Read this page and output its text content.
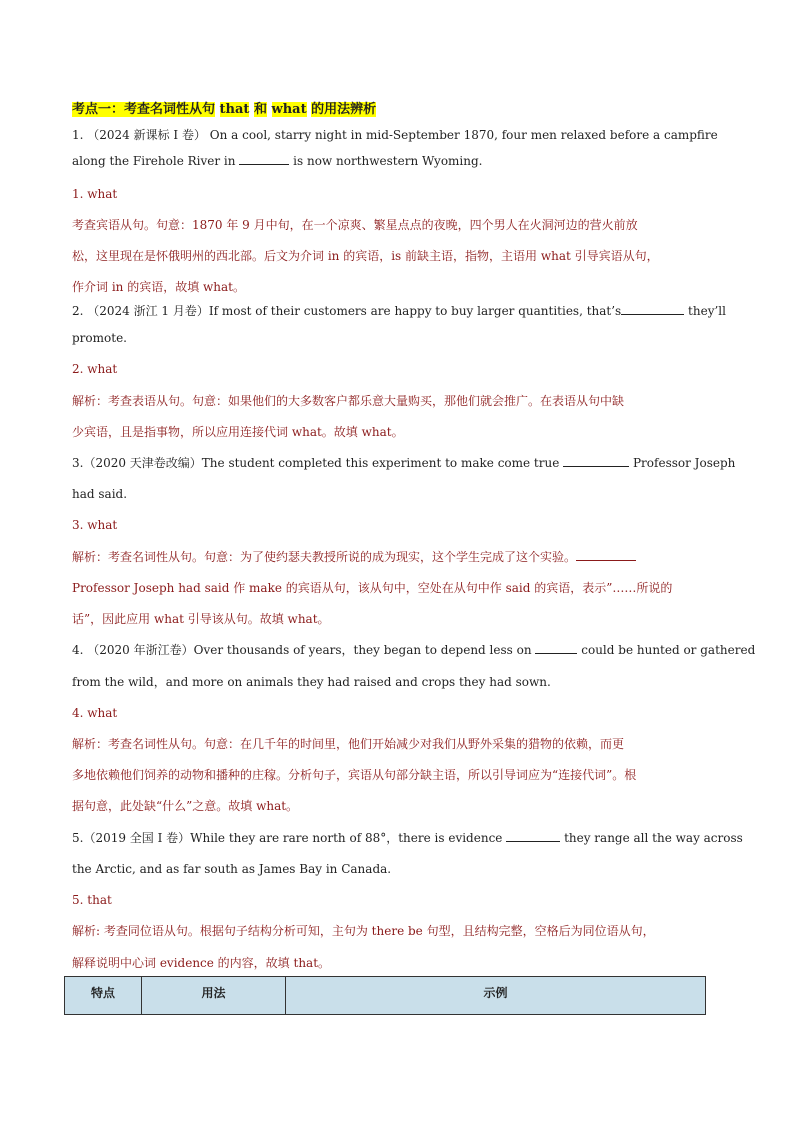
考点一：考查名词性从句 that 和 what 的用法辨析
1. （2024 新课标 I 卷） On a cool, starry night in mid-September 1870, four men relaxed before a campfire
along the Firehole River in	is now northwestern Wyoming.
1. what
考查宾语从句。句意：1870 年 9 月中旬，在一个凉爽、繁星点点的夜晚，四个男人在火洞河边的营火前放
松，这里现在是怀俄明州的西北部。后文为介词 in 的宾语，is 前缺主语，指物，主语用 what 引导宾语从句，
作介词 in 的宾语，故填 what。
2. （2024 浙江 1 月卷）If most of their customers are happy to buy larger quantities, that’s	they’ll
promote.
2. what
解析：考查表语从句。句意：如果他们的大多数客户都乐意大量购买，那他们就会推广。在表语从句中缺
少宾语，且是指事物，所以应用连接代词 what。故填 what。
3.（2020 天津卷改编）The student completed this experiment to make come true	Professor Joseph
had said.
3. what
解析：考查名词性从句。句意：为了使约瑟夫教授所说的成为现实，这个学生完成了这个实验。
Professor Joseph had said 作 make 的宾语从句，该从句中，空处在从句中作 said 的宾语，表示”……所说的
话”，因此应用 what 引导该从句。故填 what。
4. （2020 年浙江卷）Over thousands of years，they began to depend less on	could be hunted or gathered
from the wild，and more on animals they had raised and crops they had sown.
4. what
解析：考查名词性从句。句意：在几千年的时间里，他们开始减少对我们从野外采集的猎物的依赖，而更
多地依赖他们饲养的动物和播种的庄稼。分析句子，宾语从句部分缺主语，所以引导词应为“连接代词”。根
据句意，此处缺“什么”之意。故填 what。
5.（2019 全国 I 卷）While they are rare north of 88°，there is evidence	they range all the way across
the Arctic, and as far south as James Bay in Canada.
5. that
解析: 考查同位语从句。根据句子结构分析可知，主句为 there be 句型，且结构完整，空格后为同位语从句，
解释说明中心词 evidence 的内容，故填 that。
特点	用法	示例
